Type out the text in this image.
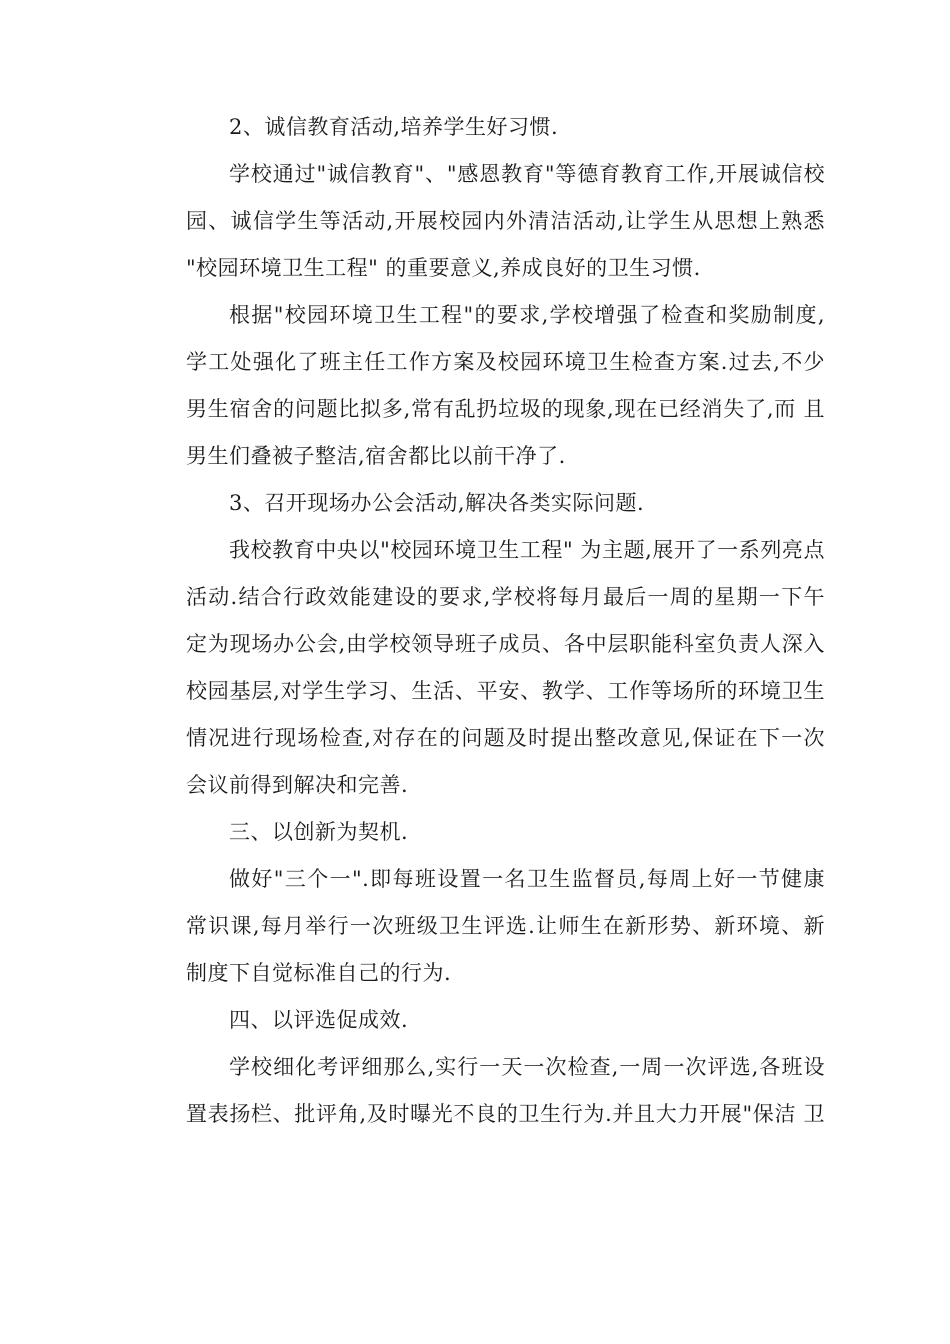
2、诚信教育活动,培养学生好习惯.
学校通过"诚信教育"、"感恩教育"等德育教育工作,开展诚信校
园、诚信学生等活动,开展校园内外清洁活动,让学生从思想上熟悉
"校园环境卫生工程" 的重要意义,养成良好的卫生习惯.
根据"校园环境卫生工程"的要求,学校增强了检查和奖励制度,
学工处强化了班主任工作方案及校园环境卫生检查方案.过去,不少
男生宿舍的问题比拟多,常有乱扔垃圾的现象,现在已经消失了,而 且
男生们叠被子整洁,宿舍都比以前干净了.
3、召开现场办公会活动,解决各类实际问题.
我校教育中央以"校园环境卫生工程" 为主题,展开了一系列亮点
活动.结合行政效能建设的要求,学校将每月最后一周的星期一下午
定为现场办公会,由学校领导班子成员、各中层职能科室负责人深入
校园基层,对学生学习、生活、平安、教学、工作等场所的环境卫生
情况进行现场检查,对存在的问题及时提出整改意见,保证在下一次
会议前得到解决和完善.
三、以创新为契机.
做好"三个一".即每班设置一名卫生监督员,每周上好一节健康
常识课,每月举行一次班级卫生评选.让师生在新形势、新环境、新
制度下自觉标准自己的行为.
四、以评选促成效.
学校细化考评细那么,实行一天一次检查,一周一次评选,各班设
置表扬栏、批评角,及时曝光不良的卫生行为.并且大力开展"保洁 卫
